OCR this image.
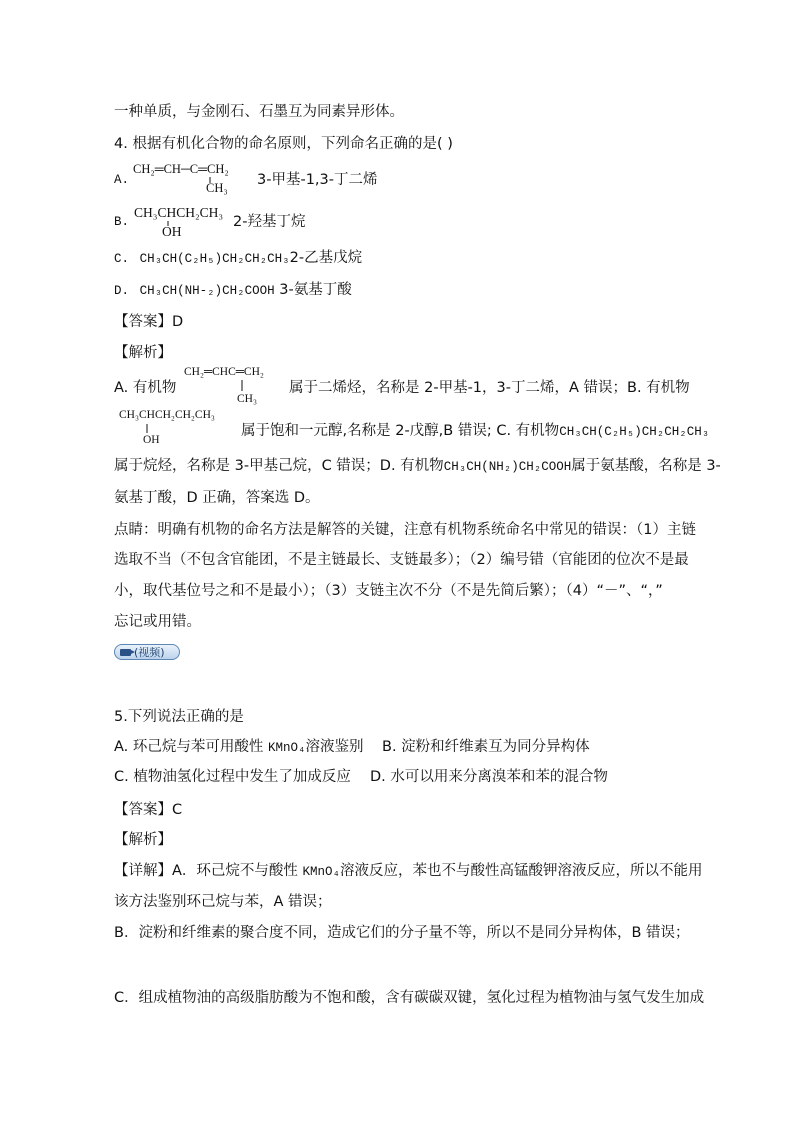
一种单质，与金刚石、石墨互为同素异形体。
4. 根据有机化合物的命名原则，下列命名正确的是( )
A.
CH₂═CH─C═CH₂
CH₃ 3-甲基-1,3-丁二烯
B.
CH₃CHCH₂CH₃
OH
2-羟基丁烷
C. CH₃CH(C₂H₅)CH₂CH₂CH₃2-乙基戊烷
D. CH₃CH(NH-₂)CH₂COOH 3-氨基丁酸
【答案】D
【解析】
A. 有机物
CH₂═CHC═CH₂
CH₃
属于二烯烃，名称是 2-甲基-1，3-丁二烯，A 错误；B. 有机物
CH₃CHCH₂CH₂CH₃
OH
属于饱和一元醇,名称是 2-戊醇,B 错误; C. 有机物CH₃CH(C₂H₅)CH₂CH₂CH₃
属于烷烃，名称是 3-甲基己烷，C 错误；D. 有机物CH₃CH(NH₂)CH₂COOH属于氨基酸，名称是 3-
氨基丁酸，D 正确，答案选 D。
点睛：明确有机物的命名方法是解答的关键，注意有机物系统命名中常见的错误：（1）主链
选取不当（不包含官能团，不是主链最长、支链最多）；（2）编号错（官能团的位次不是最
小，取代基位号之和不是最小）；（3）支链主次不分（不是先简后繁）；（4）“－”、“，”
忘记或用错。
(视频)
5.下列说法正确的是
A. 环己烷与苯可用酸性 KMnO₄溶液鉴别 B. 淀粉和纤维素互为同分异构体
C. 植物油氢化过程中发生了加成反应 D. 水可以用来分离溴苯和苯的混合物
【答案】C
【解析】
【详解】A．环己烷不与酸性 KMnO₄溶液反应，苯也不与酸性高锰酸钾溶液反应，所以不能用
该方法鉴别环己烷与苯，A 错误；
B．淀粉和纤维素的聚合度不同，造成它们的分子量不等，所以不是同分异构体，B 错误；
C．组成植物油的高级脂肪酸为不饱和酸，含有碳碳双键，氢化过程为植物油与氢气发生加成
